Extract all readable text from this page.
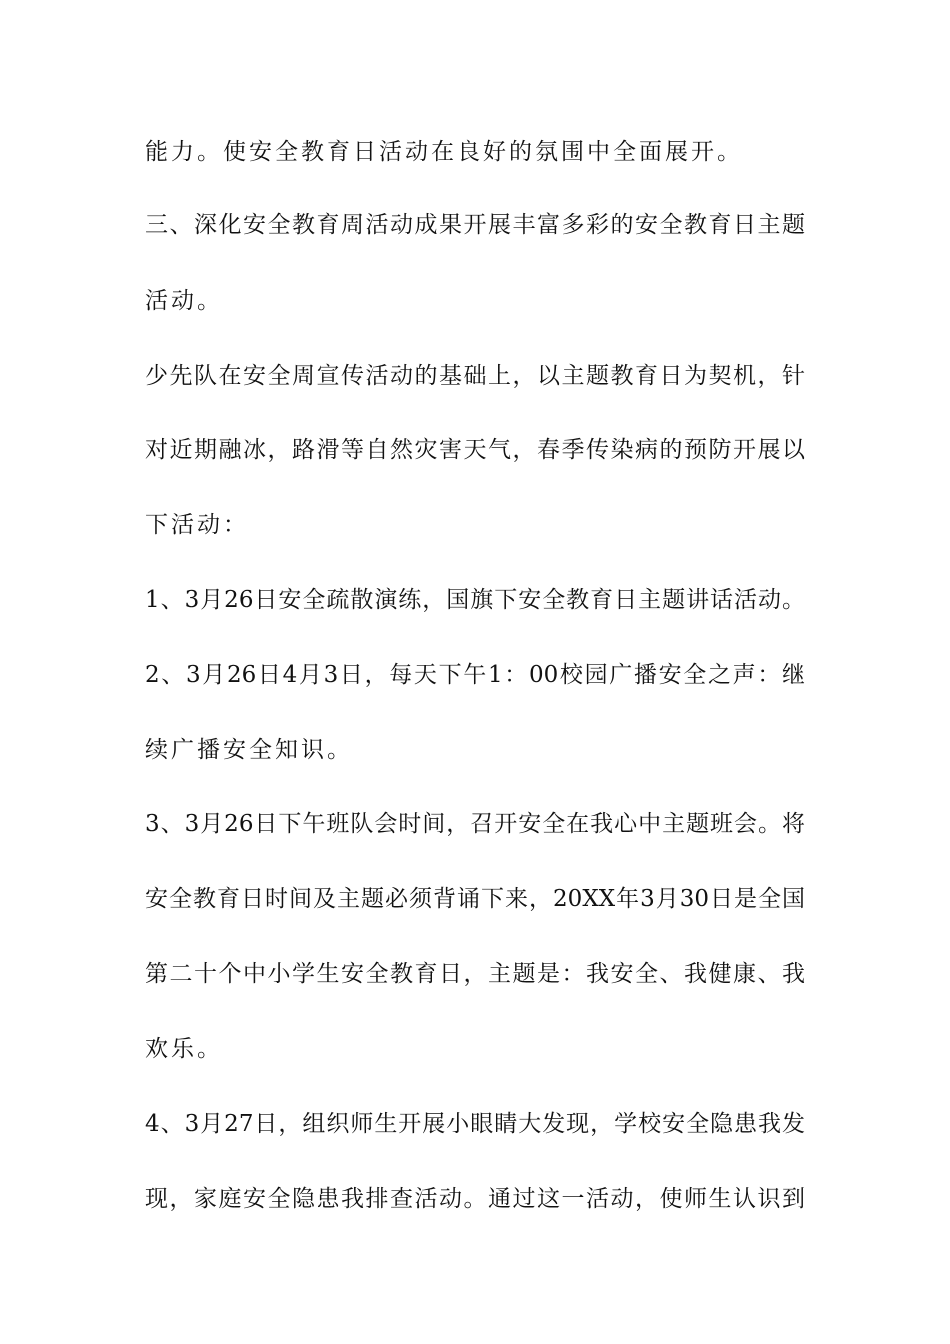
能力。使安全教育日活动在良好的氛围中全面展开。
三、深化安全教育周活动成果开展丰富多彩的安全教育日主题
活动。
少先队在安全周宣传活动的基础上，以主题教育日为契机，针
对近期融冰，路滑等自然灾害天气，春季传染病的预防开展以
下活动：
1、3月26日安全疏散演练，国旗下安全教育日主题讲话活动。
2、3月26日4月3日，每天下午1：00校园广播安全之声：继
续广播安全知识。
3、3月26日下午班队会时间，召开安全在我心中主题班会。将
安全教育日时间及主题必须背诵下来，20XX年3月30日是全国
第二十个中小学生安全教育日，主题是：我安全、我健康、我
欢乐。
4、3月27日，组织师生开展小眼睛大发现，学校安全隐患我发
现，家庭安全隐患我排查活动。通过这一活动，使师生认识到
